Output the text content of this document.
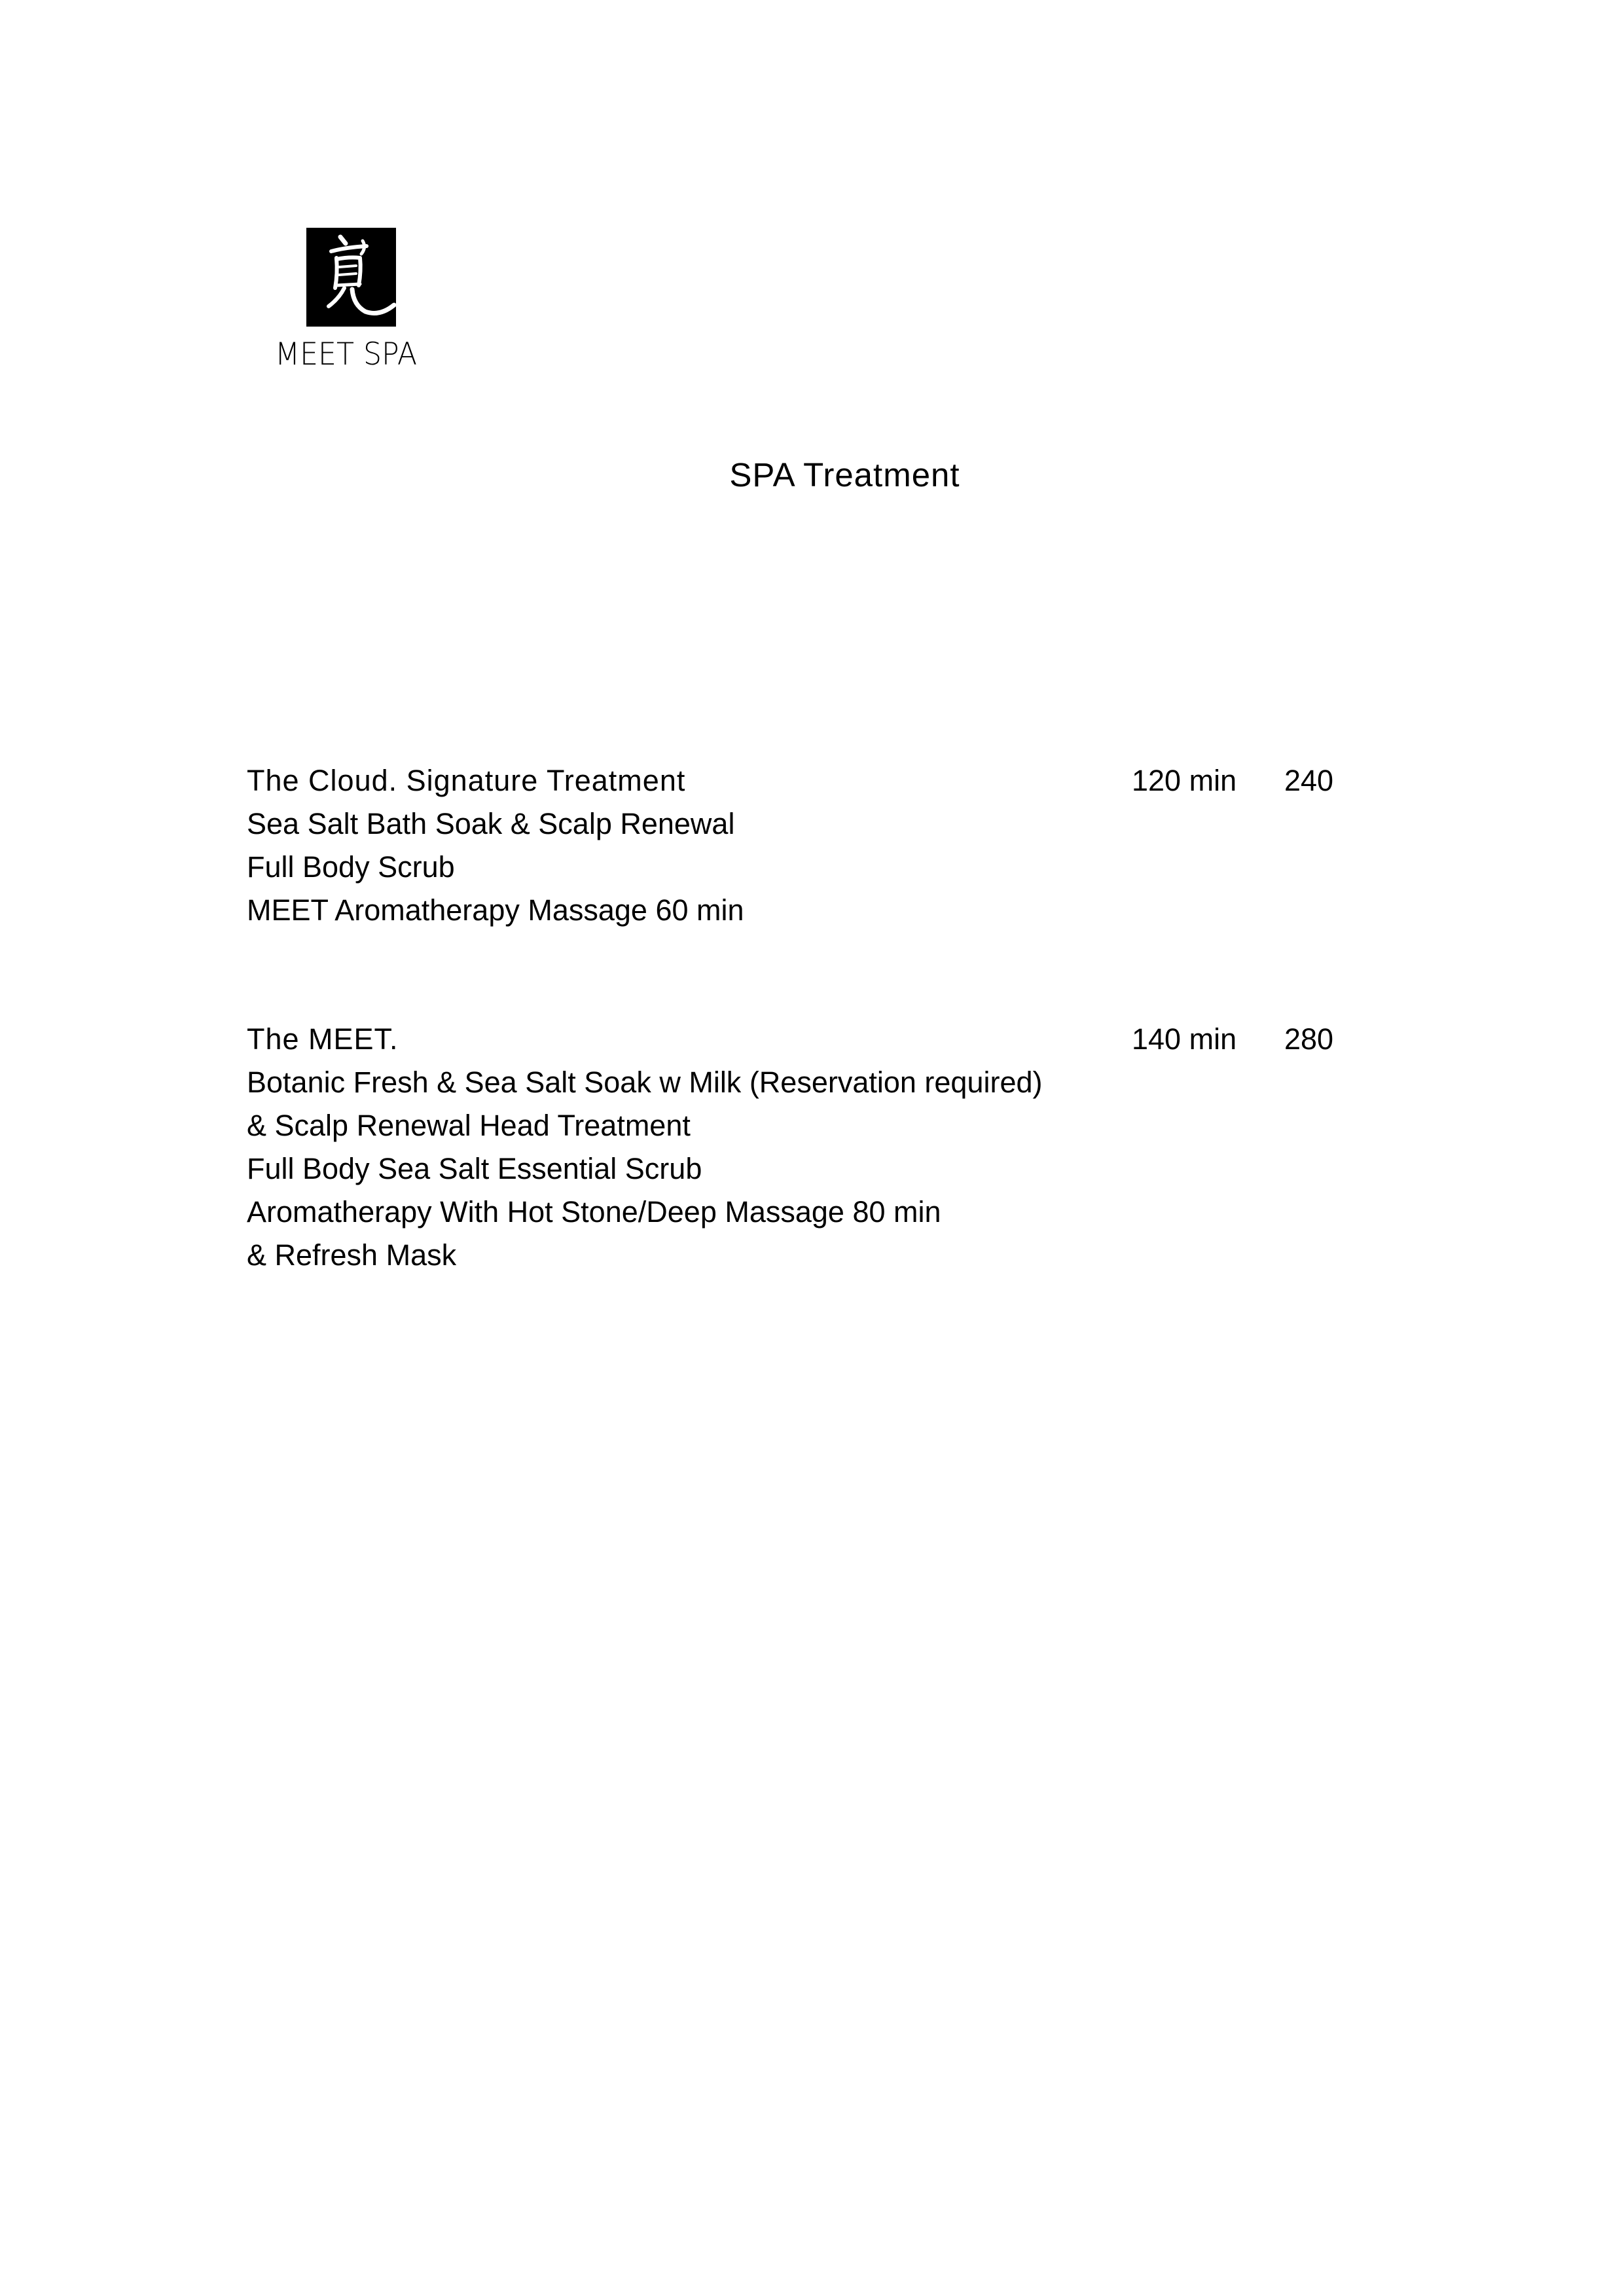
MEET SPA
SPA Treatment
The Cloud. Signature Treatment	120 min 240
Sea Salt Bath Soak & Scalp Renewal
Full Body Scrub
MEET Aromatherapy Massage 60 min
The MEET.	140 min 280
Botanic Fresh & Sea Salt Soak w Milk (Reservation required)
& Scalp Renewal Head Treatment
Full Body Sea Salt Essential Scrub
Aromatherapy With Hot Stone/Deep Massage 80 min
& Refresh Mask
